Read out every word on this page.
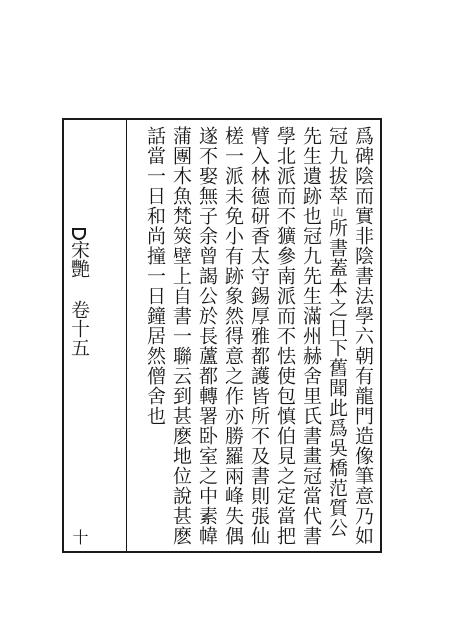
宋艷 卷十五
十	爲碑陰而實非陰書法學六朝有龍門造像筆意乃如
冠九拔萃山所書蓋本之日下舊聞此爲吳橋范質公
先生遺跡也冠九先生滿州赫舍里氏書畫冠當代書
學北派而不獷參南派而不怯使包慎伯見之定當把
臂入林德研香太守錫厚雅都護皆所不及書則張仙
槎一派未免小有跡象然得意之作亦勝羅兩峰失偶
遂不娶無子余曾謁公於長蘆都轉署卧室之中素幃
蒲團木魚梵筴壁上自書一聯云到甚麽地位說甚麽
話當一日和尚撞一日鐘居然僧舍也
